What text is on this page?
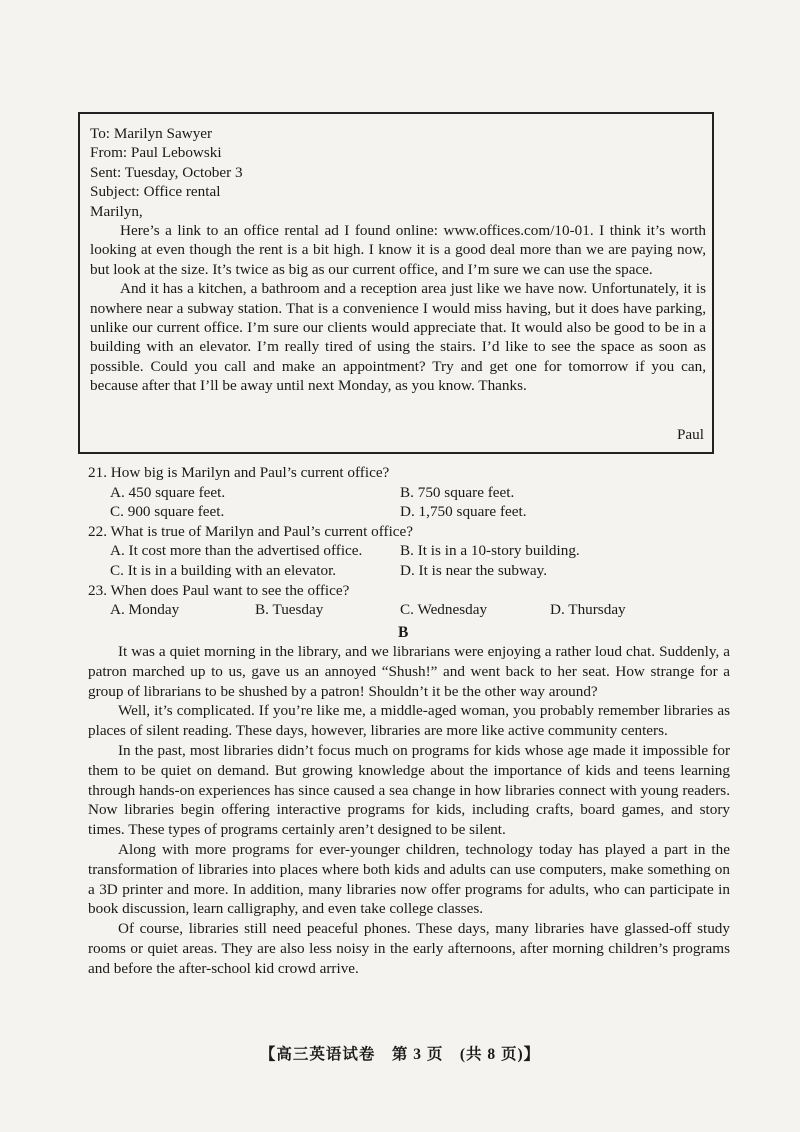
To: Marilyn Sawyer

From: Paul Lebowski

Sent: Tuesday, October 3

Subject: Office rental

Marilyn,

Here’s a link to an office rental ad I found online: www.offices.com/10-01. I think it’s worth looking at even though the rent is a bit high. I know it is a good deal more than we are paying now, but look at the size. It’s twice as big as our current office, and I’m sure we can use the space.

And it has a kitchen, a bathroom and a reception area just like we have now. Unfortunately, it is nowhere near a subway station. That is a convenience I would miss having, but it does have parking, unlike our current office. I’m sure our clients would appreciate that. It would also be good to be in a building with an elevator. I’m really tired of using the stairs. I’d like to see the space as soon as possible. Could you call and make an appointment? Try and get one for tomorrow if you can, because after that I’ll be away until next Monday, as you know. Thanks.

Paul

21. How big is Marilyn and Paul’s current office?

A. 450 square feet.	B. 750 square feet.
C. 900 square feet.	D. 1,750 square feet.

22. What is true of Marilyn and Paul’s current office?

A. It cost more than the advertised office.	B. It is in a 10-story building.
C. It is in a building with an elevator.	D. It is near the subway.

23. When does Paul want to see the office?

A. Monday	B. Tuesday	C. Wednesday	D. Thursday
B

It was a quiet morning in the library, and we librarians were enjoying a rather loud chat. Suddenly, a patron marched up to us, gave us an annoyed “Shush!” and went back to her seat. How strange for a group of librarians to be shushed by a patron! Shouldn’t it be the other way around?

Well, it’s complicated. If you’re like me, a middle-aged woman, you probably remember libraries as places of silent reading. These days, however, libraries are more like active community centers.

In the past, most libraries didn’t focus much on programs for kids whose age made it impossible for them to be quiet on demand. But growing knowledge about the importance of kids and teens learning through hands-on experiences has since caused a sea change in how libraries connect with young readers. Now libraries begin offering interactive programs for kids, including crafts, board games, and story times. These types of programs certainly aren’t designed to be silent.

Along with more programs for ever-younger children, technology today has played a part in the transformation of libraries into places where both kids and adults can use computers, make something on a 3D printer and more. In addition, many libraries now offer programs for adults, who can participate in book discussion, learn calligraphy, and even take college classes.

Of course, libraries still need peaceful phones. These days, many libraries have glassed-off study rooms or quiet areas. They are also less noisy in the early afternoons, after morning children’s programs and before the after-school kid crowd arrive.

【高三英语试卷　第 3 页　(共 8 页)】
